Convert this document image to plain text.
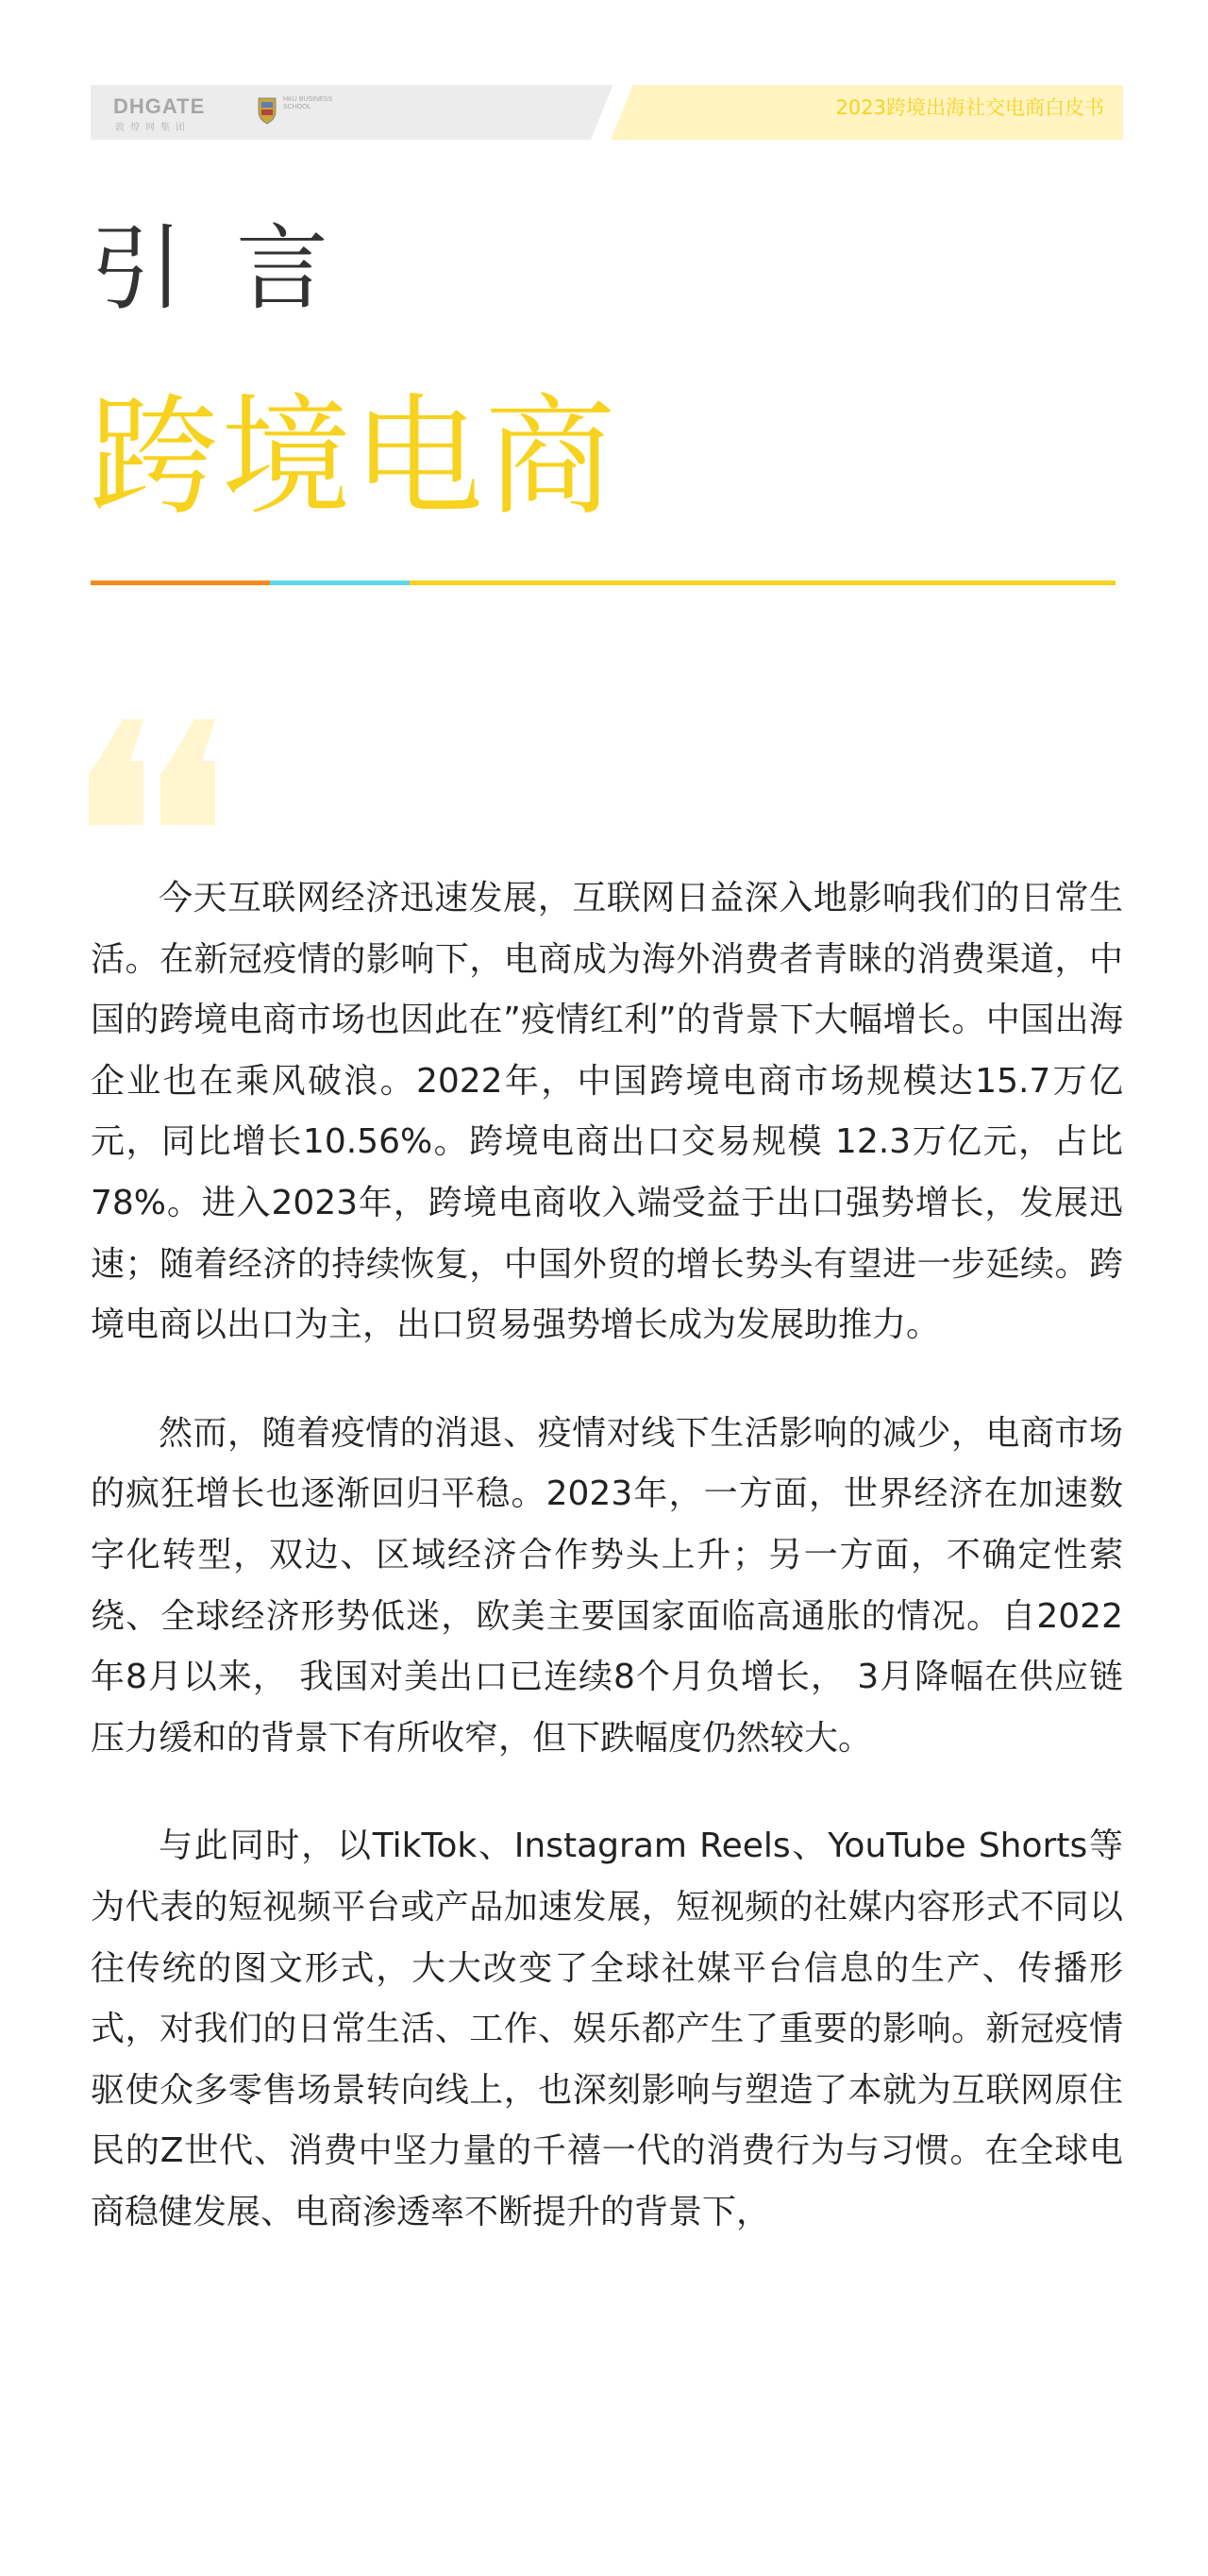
DHGATE
敦煌网集团
HKU BUSINESS SCHOOL	2023跨境出海社交电商白皮书
引言
跨境电商

今天互联网经济迅速发展，互联网日益深入地影响我们的日常生活。在新冠疫情的影响下，电商成为海外消费者青睐的消费渠道，中国的跨境电商市场也因此在”疫情红利”的背景下大幅增长。中国出海企业也在乘风破浪。2022年，中国跨境电商市场规模达15.7万亿元，同比增长10.56%。跨境电商出口交易规模 12.3万亿元，占比78%。进入2023年，跨境电商收入端受益于出口强势增长，发展迅速；随着经济的持续恢复，中国外贸的增长势头有望进一步延续。跨境电商以出口为主，出口贸易强势增长成为发展助推力。

然而，随着疫情的消退、疫情对线下生活影响的减少，电商市场的疯狂增长也逐渐回归平稳。2023年，一方面，世界经济在加速数字化转型，双边、区域经济合作势头上升；另一方面，不确定性萦绕、全球经济形势低迷，欧美主要国家面临高通胀的情况。自2022年8月以来， 我国对美出口已连续8个月负增长， 3月降幅在供应链压力缓和的背景下有所收窄，但下跌幅度仍然较大。

与此同时，以TikTok、Instagram Reels、YouTube Shorts等为代表的短视频平台或产品加速发展，短视频的社媒内容形式不同以往传统的图文形式，大大改变了全球社媒平台信息的生产、传播形式，对我们的日常生活、工作、娱乐都产生了重要的影响。新冠疫情驱使众多零售场景转向线上，也深刻影响与塑造了本就为互联网原住民的Z世代、消费中坚力量的千禧一代的消费行为与习惯。在全球电商稳健发展、电商渗透率不断提升的背景下，
